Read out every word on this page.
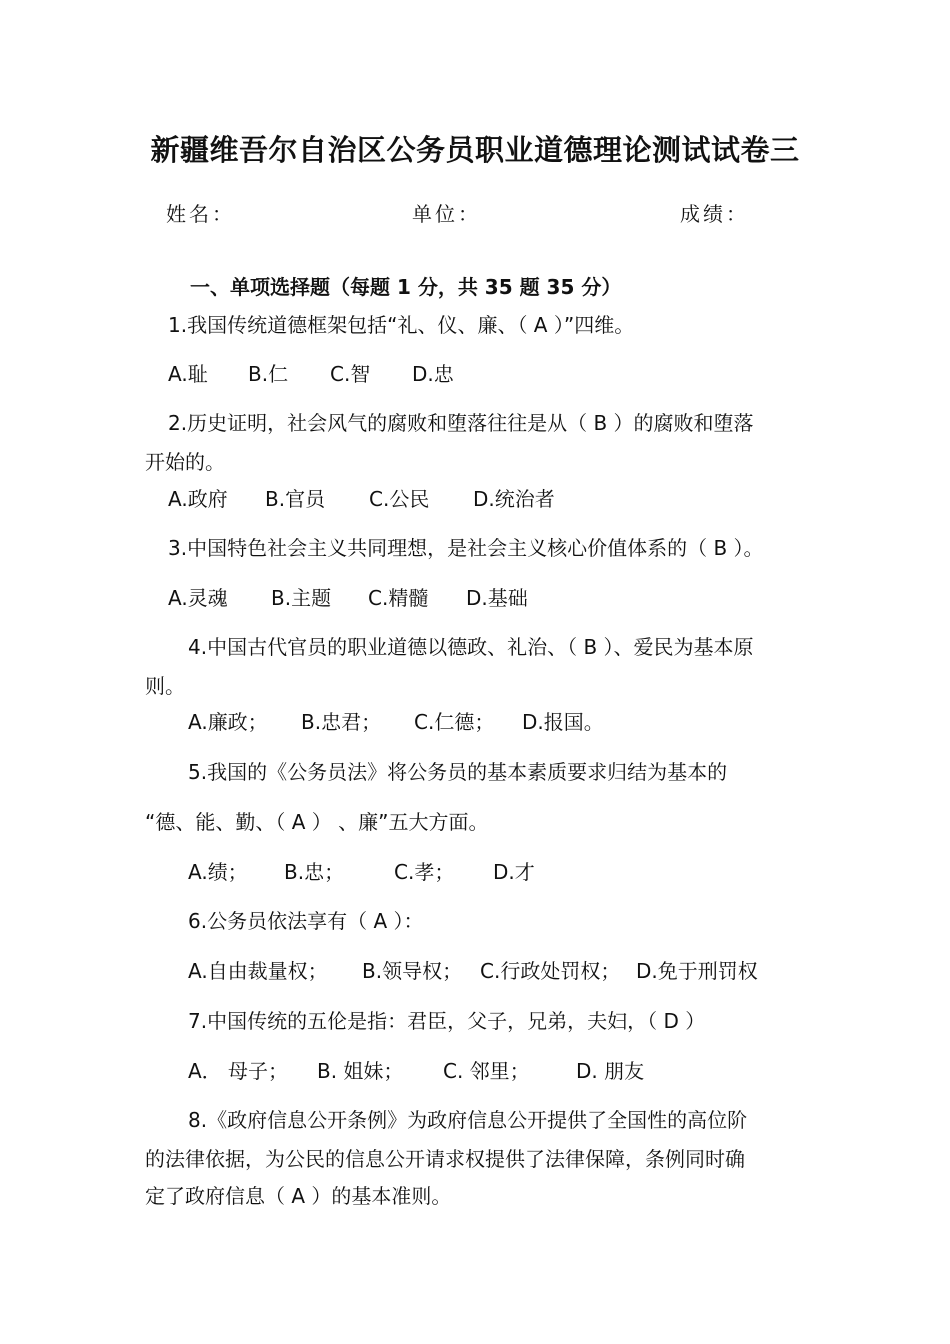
新疆维吾尔自治区公务员职业道德理论测试试卷三
姓名：	单位：	成绩：
一、单项选择题（每题 1 分，共 35 题 35 分）
1.我国传统道德框架包括“礼、仪、廉、（ A ）”四维。
A.耻 B.仁 C.智 D.忠
2.历史证明，社会风气的腐败和堕落往往是从（ B ）的腐败和堕落
开始的。
A.政府 B.官员 C.公民 D.统治者
3.中国特色社会主义共同理想，是社会主义核心价值体系的（ B ）。
A.灵魂 B.主题 C.精髓 D.基础
4.中国古代官员的职业道德以德政、礼治、（ B ）、爱民为基本原
则。
A.廉政； B.忠君； C.仁德； D.报国。
5.我国的《公务员法》将公务员的基本素质要求归结为基本的
“德、能、勤、（ A ） 、廉”五大方面。
A.绩； B.忠； C.孝； D.才
6.公务员依法享有（ A ）：
A.自由裁量权； B.领导权； C.行政处罚权； D.免于刑罚权
7.中国传统的五伦是指：君臣，父子，兄弟，夫妇，（ D ）
A． 母子； B. 姐妹； C. 邻里； D. 朋友
8.《政府信息公开条例》为政府信息公开提供了全国性的高位阶
的法律依据，为公民的信息公开请求权提供了法律保障，条例同时确
定了政府信息（ A ）的基本准则。
